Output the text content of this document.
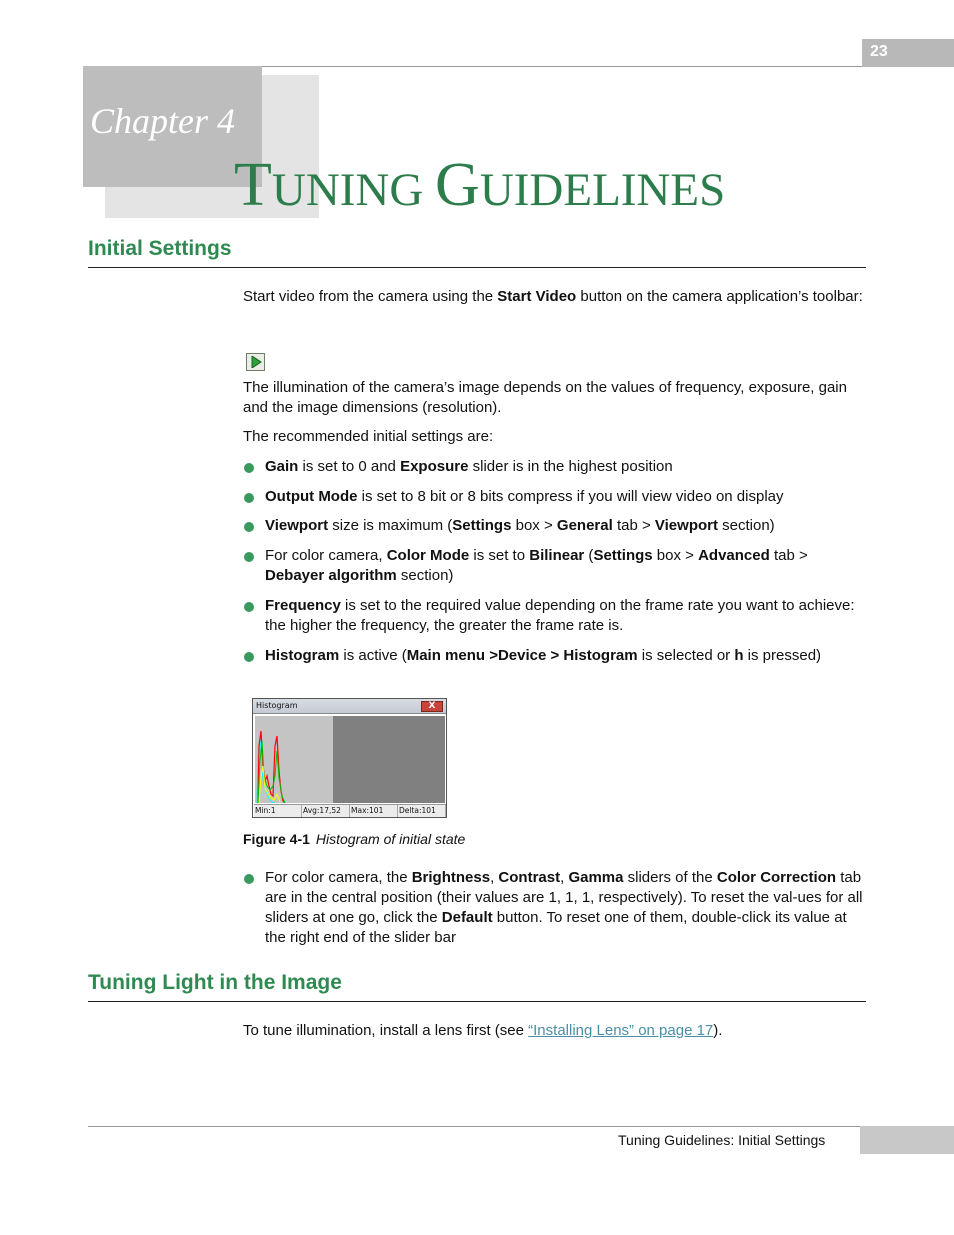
23
Chapter 4
TUNING GUIDELINES
Initial Settings
Start video from the camera using the Start Video button on the camera application’s toolbar:
The illumination of the camera’s image depends on the values of frequency, exposure, gain and the image dimensions (resolution).
The recommended initial settings are:
Gain is set to 0 and Exposure slider is in the highest position
Output Mode is set to 8 bit or 8 bits compress if you will view video on display
Viewport size is maximum (Settings box > General tab > Viewport section)
For color camera, Color Mode is set to Bilinear (Settings box > Advanced tab > Debayer algorithm section)
Frequency is set to the required value depending on the frame rate you want to achieve: the higher the frequency, the greater the frame rate is.
Histogram is active (Main menu >Device > Histogram is selected or h is pressed)
Histogram	X
Min:1	Avg:17,52	Max:101	Delta:101
Figure 4-1 Histogram of initial state
For color camera, the Brightness, Contrast, Gamma sliders of the Color Correction tab are in the central position (their values are 1, 1, 1, respectively). To reset the val-ues for all sliders at one go, click the Default button. To reset one of them, double-click its value at the right end of the slider bar
Tuning Light in the Image
To tune illumination, install a lens first (see “Installing Lens” on page 17).
Tuning Guidelines: Initial Settings
